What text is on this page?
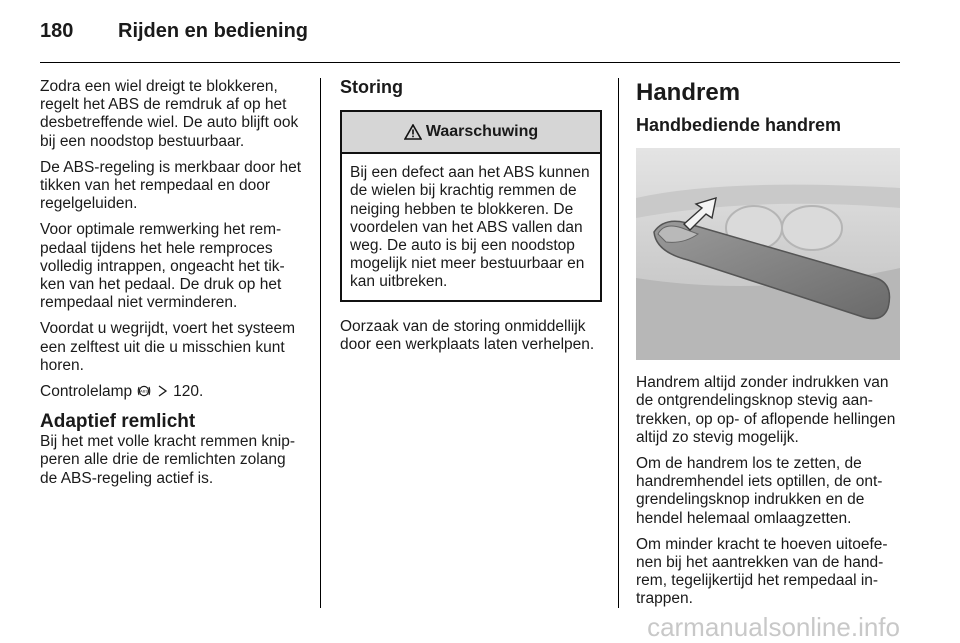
180 Rijden en bediening

Zodra een wiel dreigt te blokkeren, regelt het ABS de remdruk af op het desbetreffende wiel. De auto blijft ook bij een noodstop bestuurbaar.

De ABS-regeling is merkbaar door het tikken van het rempedaal en door regelgeluiden.

Voor optimale remwerking het rem-pedaal tijdens het hele remproces volledig intrappen, ongeacht het tik-ken van het pedaal. De druk op het rempedaal niet verminderen.

Voordat u wegrijdt, voert het systeem een zelftest uit die u misschien kunt horen.

Controlelamp ABS 120.

Adaptief remlicht

Bij het met volle kracht remmen knip-peren alle drie de remlichten zolang de ABS-regeling actief is.

Storing
Waarschuwing
Bij een defect aan het ABS kunnen de wielen bij krachtig remmen de neiging hebben te blokkeren. De voordelen van het ABS vallen dan weg. De auto is bij een noodstop mogelijk niet meer bestuurbaar en kan uitbreken.

Oorzaak van de storing onmiddellijk door een werkplaats laten verhelpen.

Handrem
Handbediende handrem

Handrem altijd zonder indrukken van de ontgrendelingsknop stevig aan-trekken, op op- of aflopende hellingen altijd zo stevig mogelijk.

Om de handrem los te zetten, de handremhendel iets optillen, de ont-grendelingsknop indrukken en de hendel helemaal omlaagzetten.

Om minder kracht te hoeven uitoefe-nen bij het aantrekken van de hand-rem, tegelijkertijd het rempedaal in-trappen.

carmanualsonline.info
